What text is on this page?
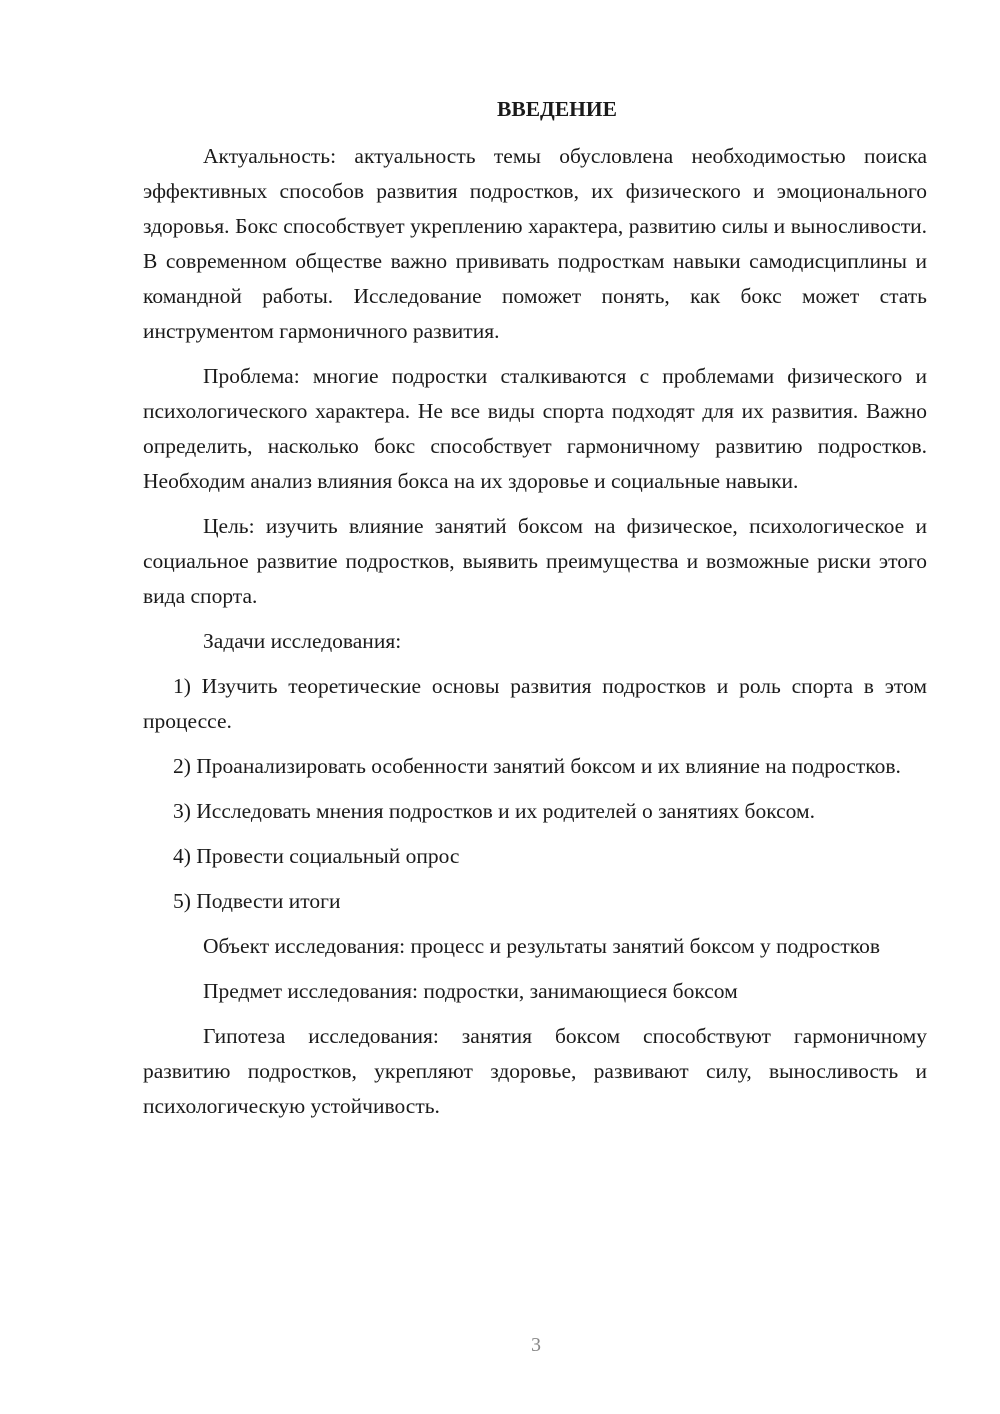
ВВЕДЕНИЕ

Актуальность: актуальность темы обусловлена необходимостью поиска эффективных способов развития подростков, их физического и эмоционального здоровья. Бокс способствует укреплению характера, развитию силы и выносливости. В современном обществе важно прививать подросткам навыки самодисциплины и командной работы. Исследование поможет понять, как бокс может стать инструментом гармоничного развития.

Проблема: многие подростки сталкиваются с проблемами физического и психологического характера. Не все виды спорта подходят для их развития. Важно определить, насколько бокс способствует гармоничному развитию подростков. Необходим анализ влияния бокса на их здоровье и социальные навыки.

Цель: изучить влияние занятий боксом на физическое, психологическое и социальное развитие подростков, выявить преимущества и возможные риски этого вида спорта.

Задачи исследования:

1) Изучить теоретические основы развития подростков и роль спорта в этом процессе.

2) Проанализировать особенности занятий боксом и их влияние на подростков.

3) Исследовать мнения подростков и их родителей о занятиях боксом.

4) Провести социальный опрос

5) Подвести итоги

Объект исследования: процесс и результаты занятий боксом у подростков

Предмет исследования: подростки, занимающиеся боксом

Гипотеза исследования: занятия боксом способствуют гармоничному развитию подростков, укрепляют здоровье, развивают силу, выносливость и психологическую устойчивость.

3
